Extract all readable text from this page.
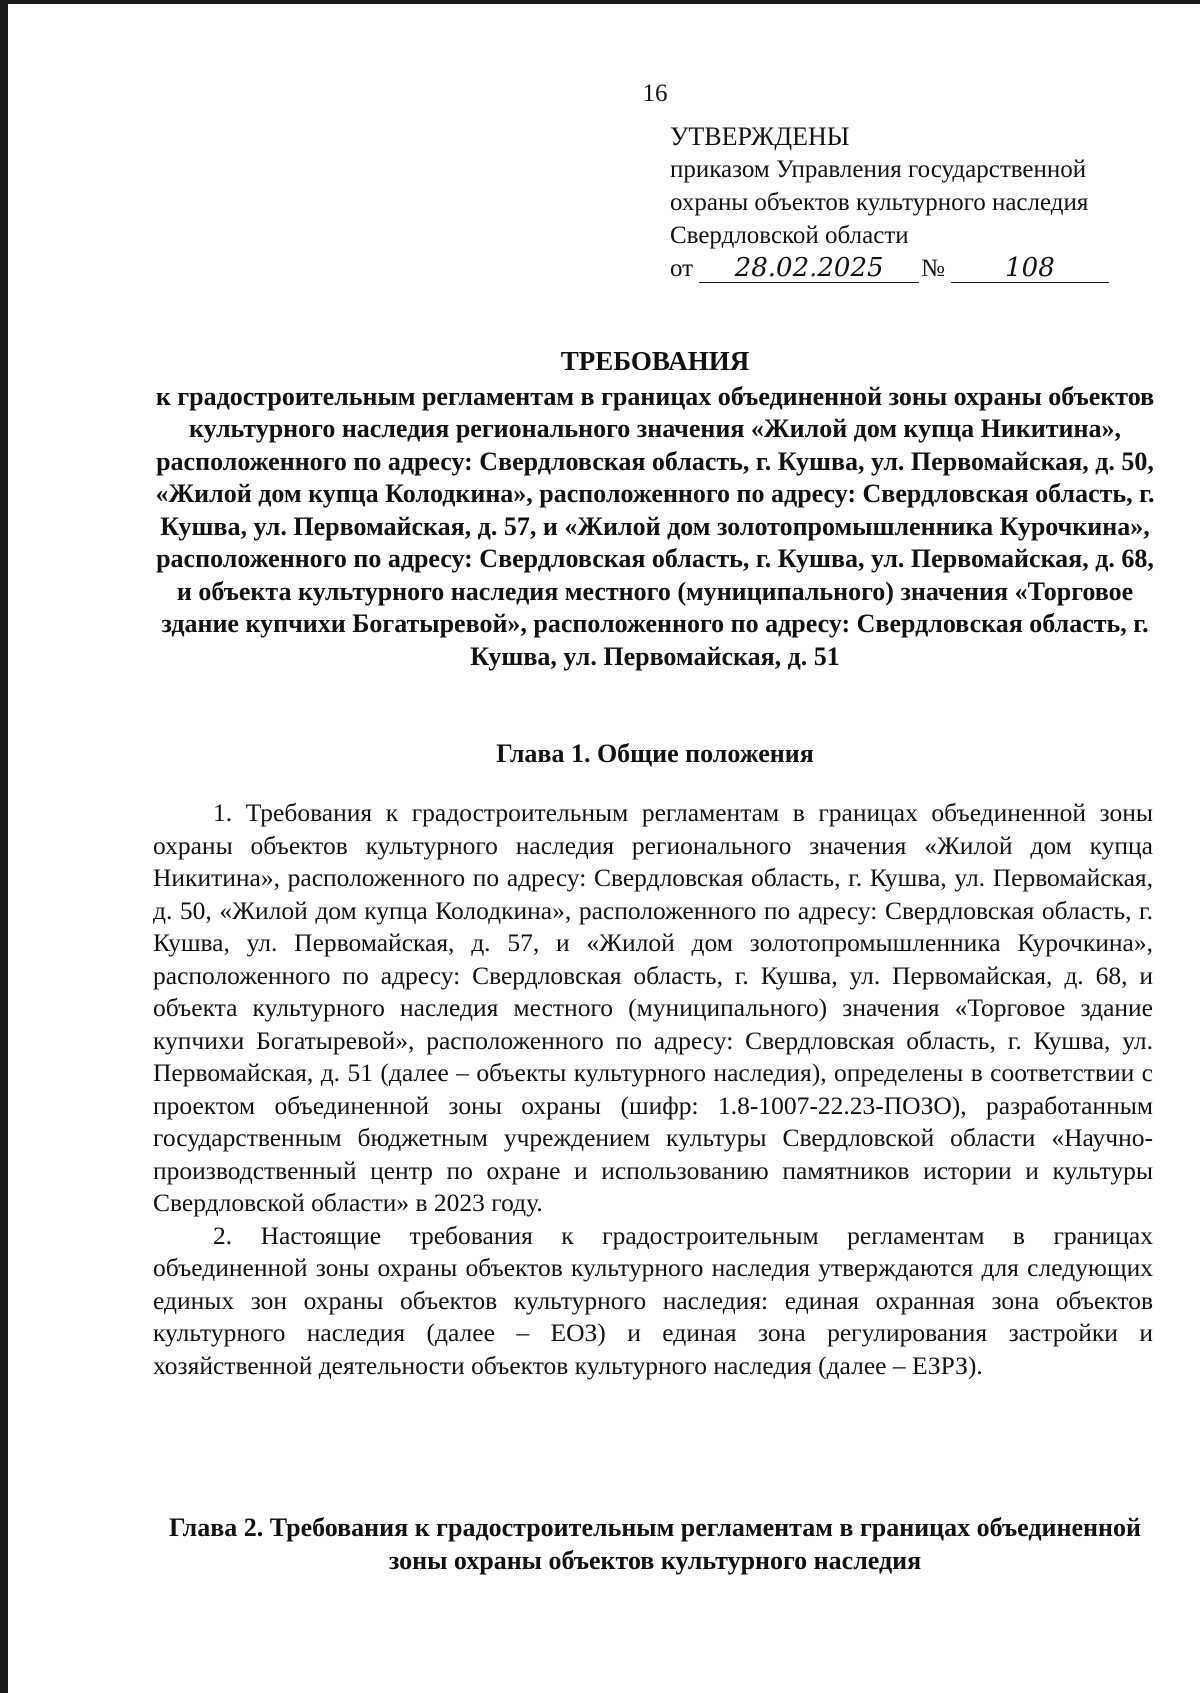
16
УТВЕРЖДЕНЫ
приказом Управления государственной
охраны объектов культурного наследия
Свердловской области
от 28.02.2025 № 108
ТРЕБОВАНИЯ
к градостроительным регламентам в границах объединенной зоны охраны объектов культурного наследия регионального значения «Жилой дом купца Никитина», расположенного по адресу: Свердловская область, г. Кушва, ул. Первомайская, д. 50, «Жилой дом купца Колодкина», расположенного по адресу: Свердловская область, г. Кушва, ул. Первомайская, д. 57, и «Жилой дом золотопромышленника Курочкина», расположенного по адресу: Свердловская область, г. Кушва, ул. Первомайская, д. 68, и объекта культурного наследия местного (муниципального) значения «Торговое здание купчихи Богатыревой», расположенного по адресу: Свердловская область, г. Кушва, ул. Первомайская, д. 51
Глава 1. Общие положения

1. Требования к градостроительным регламентам в границах объединенной зоны охраны объектов культурного наследия регионального значения «Жилой дом купца Никитина», расположенного по адресу: Свердловская область, г. Кушва, ул. Первомайская, д. 50, «Жилой дом купца Колодкина», расположенного по адресу: Свердловская область, г. Кушва, ул. Первомайская, д. 57, и «Жилой дом золотопромышленника Курочкина», расположенного по адресу: Свердловская область, г. Кушва, ул. Первомайская, д. 68, и объекта культурного наследия местного (муниципального) значения «Торговое здание купчихи Богатыревой», расположенного по адресу: Свердловская область, г. Кушва, ул. Первомайская, д. 51 (далее – объекты культурного наследия), определены в соответствии с проектом объединенной зоны охраны (шифр: 1.8-1007-22.23-ПОЗО), разработанным государственным бюджетным учреждением культуры Свердловской области «Научно-производственный центр по охране и использованию памятников истории и культуры Свердловской области» в 2023 году.

2. Настоящие требования к градостроительным регламентам в границах объединенной зоны охраны объектов культурного наследия утверждаются для следующих единых зон охраны объектов культурного наследия: единая охранная зона объектов культурного наследия (далее – ЕОЗ) и единая зона регулирования застройки и хозяйственной деятельности объектов культурного наследия (далее – ЕЗРЗ).

Глава 2. Требования к градостроительным регламентам в границах объединенной зоны охраны объектов культурного наследия
